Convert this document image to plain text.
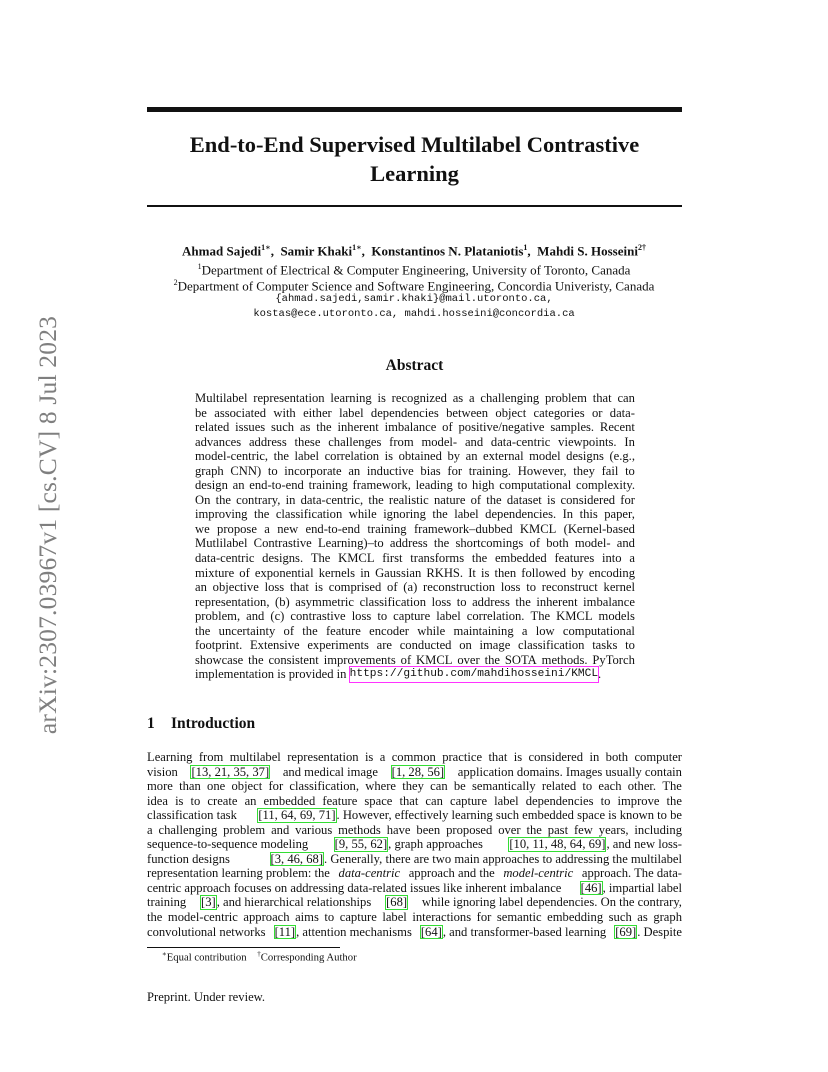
arXiv:2307.03967v1 [cs.CV] 8 Jul 2023
End-to-End Supervised Multilabel Contrastive
Learning
Ahmad Sajedi$^{1∗}$,  Samir Khaki$^{1∗}$,  Konstantinos N. Plataniotis$^1$,  Mahdi S. Hosseini$^{2\dagger}$
$^1$Department of Electrical & Computer Engineering, University of Toronto, Canada
$^2$Department of Computer Science and Software Engineering, Concordia Univeristy, Canada
{ahmad.sajedi,samir.khaki}@mail.utoronto.ca,
kostas@ece.utoronto.ca, mahdi.hosseini@concordia.ca
Abstract
Multilabel representation learning is recognized as a challenging problem that can
be associated with either label dependencies between object categories or data-
related issues such as the inherent imbalance of positive/negative samples. Recent
advances address these challenges from model- and data-centric viewpoints. In
model-centric, the label correlation is obtained by an external model designs (e.g.,
graph CNN) to incorporate an inductive bias for training. However, they fail to
design an end-to-end training framework, leading to high computational complexity.
On the contrary, in data-centric, the realistic nature of the dataset is considered for
improving the classification while ignoring the label dependencies. In this paper,
we propose a new end-to-end training framework–dubbed KMCL (Kernel-based
Mutlilabel Contrastive Learning)–to address the shortcomings of both model- and
data-centric designs. The KMCL first transforms the embedded features into a
mixture of exponential kernels in Gaussian RKHS. It is then followed by encoding
an objective loss that is comprised of (a) reconstruction loss to reconstruct kernel
representation, (b) asymmetric classification loss to address the inherent imbalance
problem, and (c) contrastive loss to capture label correlation. The KMCL models
the uncertainty of the feature encoder while maintaining a low computational
footprint. Extensive experiments are conducted on image classification tasks to
showcase the consistent improvements of KMCL over the SOTA methods. PyTorch
implementation is provided in https://github.com/mahdihosseini/KMCL .
1 Introduction
Learning from multilabel representation is a common practice that is considered in both computer
vision [13, 21, 35, 37] and medical image [1, 28, 56] application domains. Images usually contain
more than one object for classification, where they can be semantically related to each other. The
idea is to create an embedded feature space that can capture label dependencies to improve the
classification task [11, 64, 69, 71] . However, effectively learning such embedded space is known to be
a challenging problem and various methods have been proposed over the past few years, including
sequence-to-sequence modeling [9, 55, 62] , graph approaches [10, 11, 48, 64, 69] , and new loss-
function designs	[3, 46, 68] . Generally, there are two main approaches to addressing the multilabel
representation learning problem: the data-centric approach and the model-centric approach. The data-
centric approach focuses on addressing data-related issues like inherent imbalance [46] , impartial label
training [3] , and hierarchical relationships [68] while ignoring label dependencies. On the contrary,
the model-centric approach aims to capture label interactions for semantic embedding such as graph
convolutional networks [11] , attention mechanisms [64] , and transformer-based learning [69] . Despite
∗Equal contribution †Corresponding Author
Preprint. Under review.
